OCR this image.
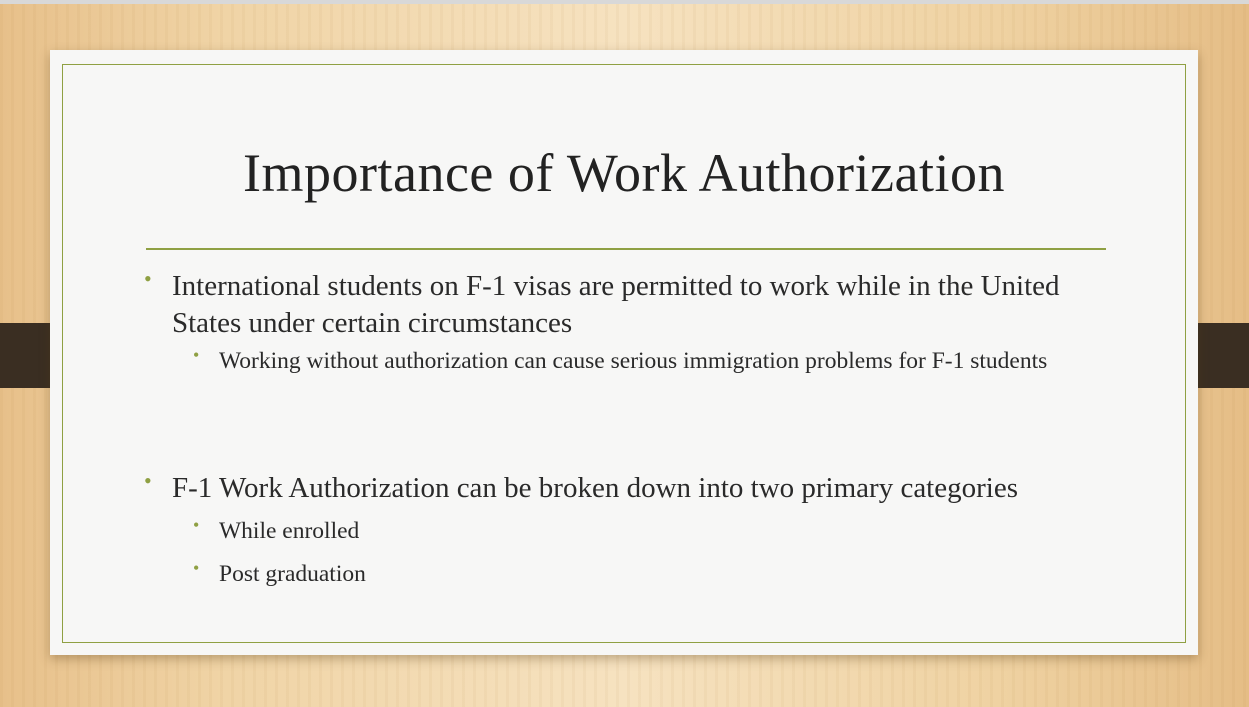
Importance of Work Authorization
• International students on F-1 visas are permitted to work while in the United States under certain circumstances
• Working without authorization can cause serious immigration problems for F-1 students
• F-1 Work Authorization can be broken down into two primary categories
• While enrolled
• Post graduation
